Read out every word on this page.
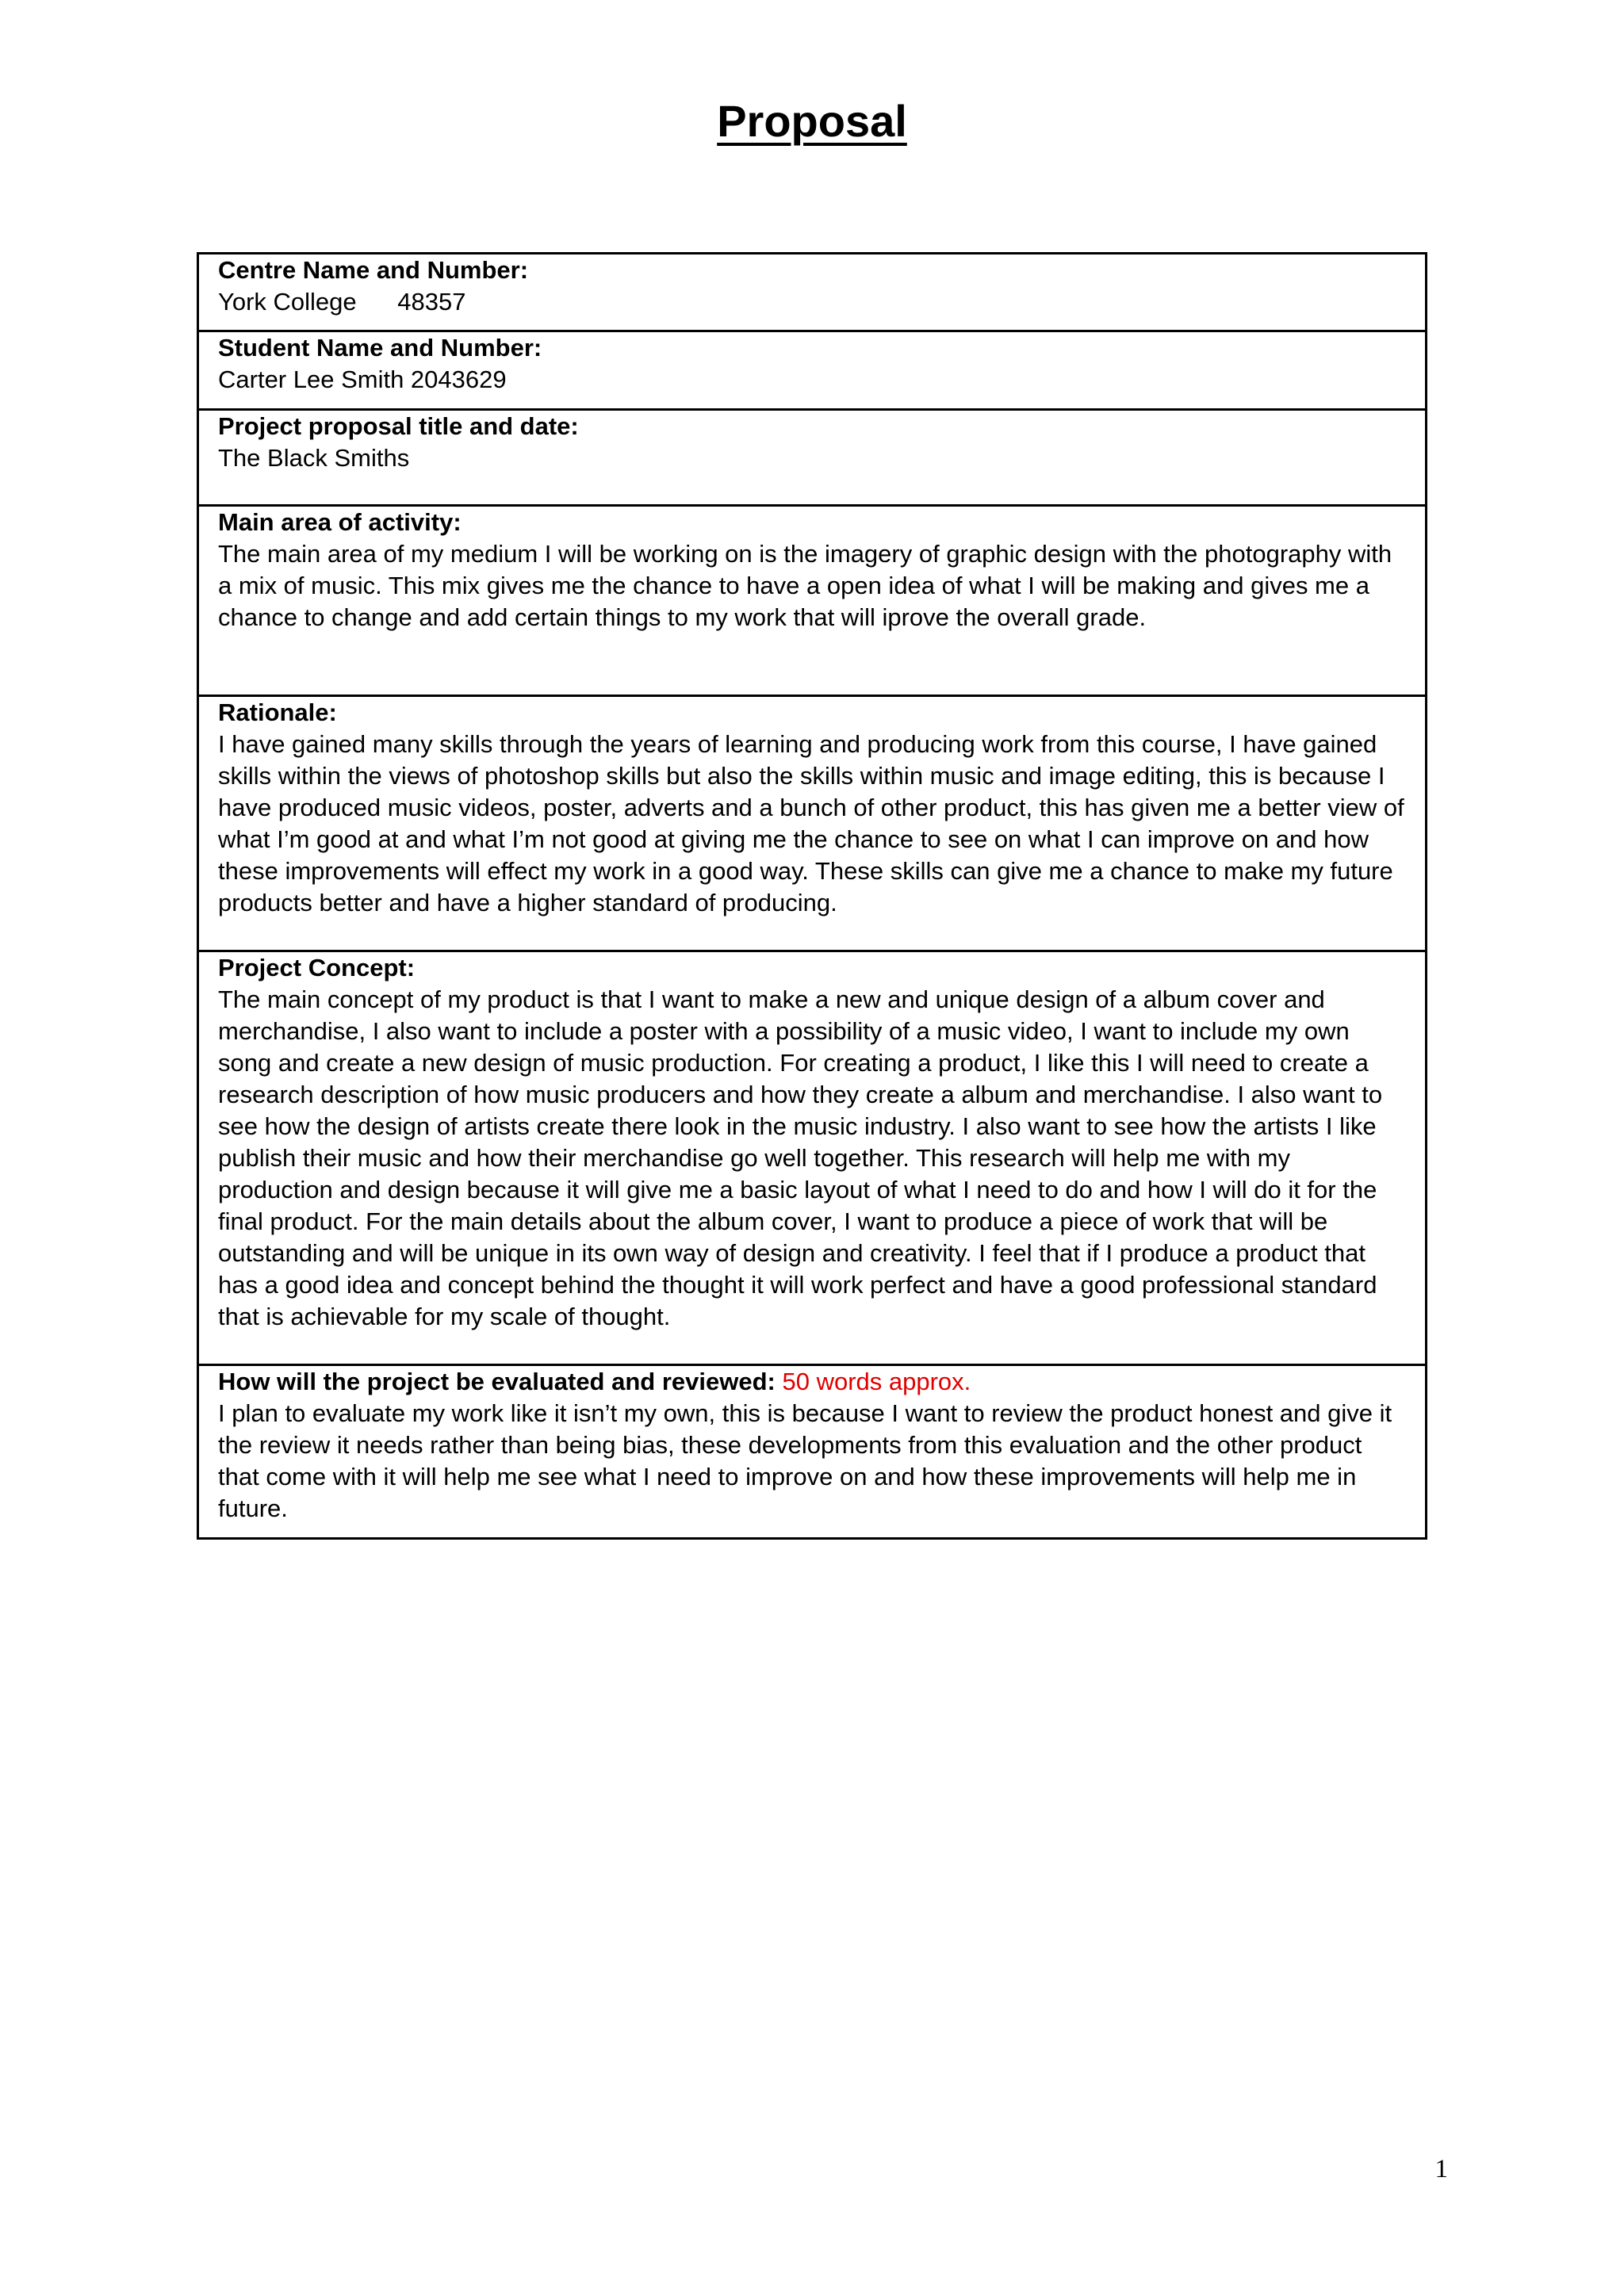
Proposal
Centre Name and Number:
York College      48357
Student Name and Number:
Carter Lee Smith 2043629
Project proposal title and date:
The Black Smiths
Main area of activity:

The main area of my medium I will be working on is the imagery of graphic design with the photography with a mix of music. This mix gives me the chance to have a open idea of what I will be making and gives me a chance to change and add certain things to my work that will iprove the overall grade.

Rationale:

I have gained many skills through the years of learning and producing work from this course, I have gained skills within the views of photoshop skills but also the skills within music and image editing, this is because I have produced music videos, poster, adverts and a bunch of other product, this has given me a better view of what I’m good at and what I’m not good at giving me the chance to see on what I can improve on and how these improvements will effect my work in a good way. These skills can give me a chance to make my future products better and have a higher standard of producing.

Project Concept:

The main concept of my product is that I want to make a new and unique design of a album cover and merchandise, I also want to include a poster with a possibility of a music video, I want to include my own song and create a new design of music production. For creating a product, I like this I will need to create a research description of how music producers and how they create a album and merchandise. I also want to see how the design of artists create there look in the music industry. I also want to see how the artists I like publish their music and how their merchandise go well together. This research will help me with my production and design because it will give me a basic layout of what I need to do and how I will do it for the final product. For the main details about the album cover, I want to produce a piece of work that will be outstanding and will be unique in its own way of design and creativity. I feel that if I produce a product that has a good idea and concept behind the thought it will work perfect and have a good professional standard that is achievable for my scale of thought.

How will the project be evaluated and reviewed: 50 words approx.

I plan to evaluate my work like it isn’t my own, this is because I want to review the product honest and give it the review it needs rather than being bias, these developments from this evaluation and the other product that come with it will help me see what I need to improve on and how these improvements will help me in future.

1
